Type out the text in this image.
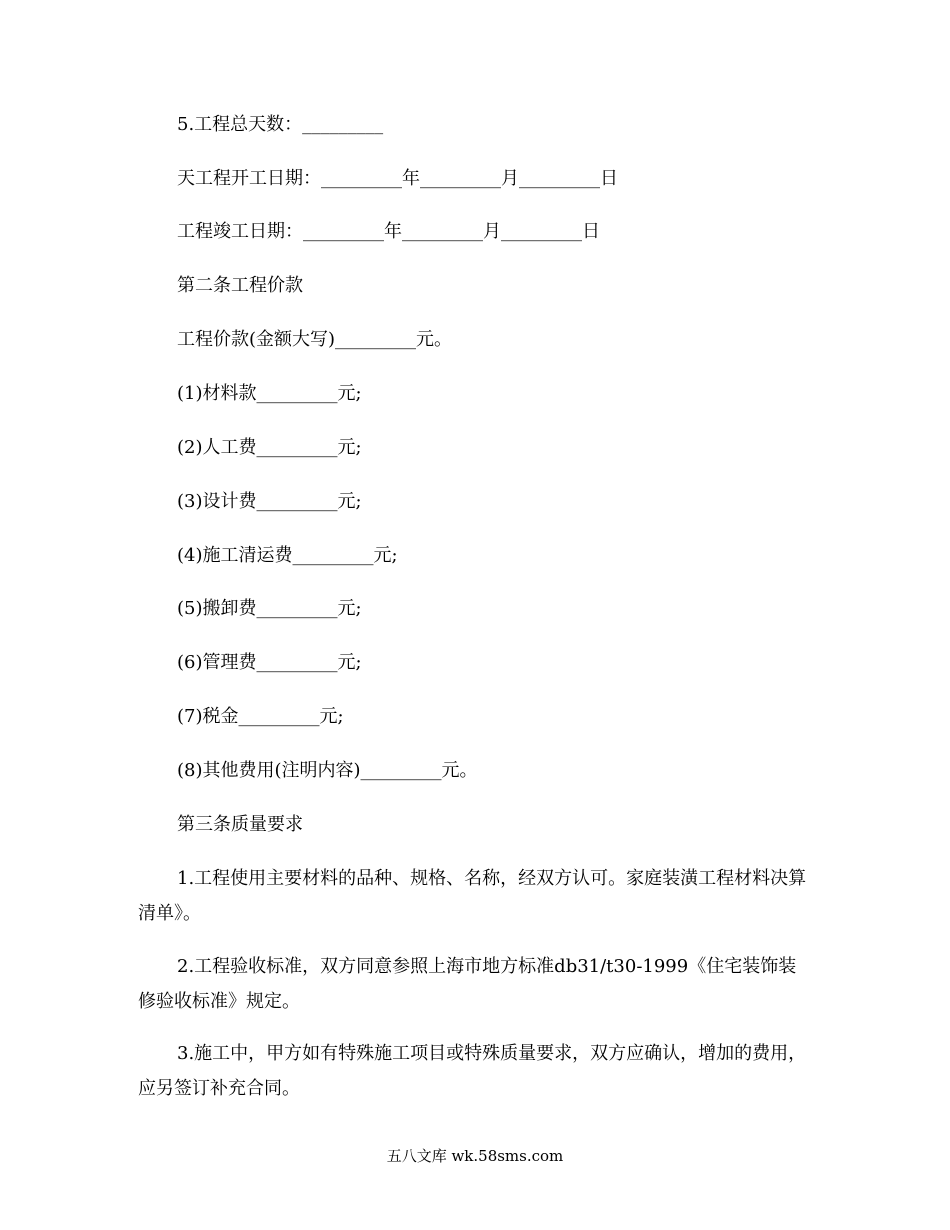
5.工程总天数：_________
天工程开工日期：_________年_________月_________日
工程竣工日期：_________年_________月_________日
第二条工程价款
工程价款(金额大写)_________元。
(1)材料款_________元;
(2)人工费_________元;
(3)设计费_________元;
(4)施工清运费_________元;
(5)搬卸费_________元;
(6)管理费_________元;
(7)税金_________元;
(8)其他费用(注明内容)_________元。
第三条质量要求
1.工程使用主要材料的品种、规格、名称，经双方认可。家庭装潢工程材料决算清单》。
2.工程验收标准，双方同意参照上海市地方标准db31/t30-1999《住宅装饰装修验收标准》规定。
3.施工中，甲方如有特殊施工项目或特殊质量要求，双方应确认，增加的费用，应另签订补充合同。
五八文库 wk.58sms.com
